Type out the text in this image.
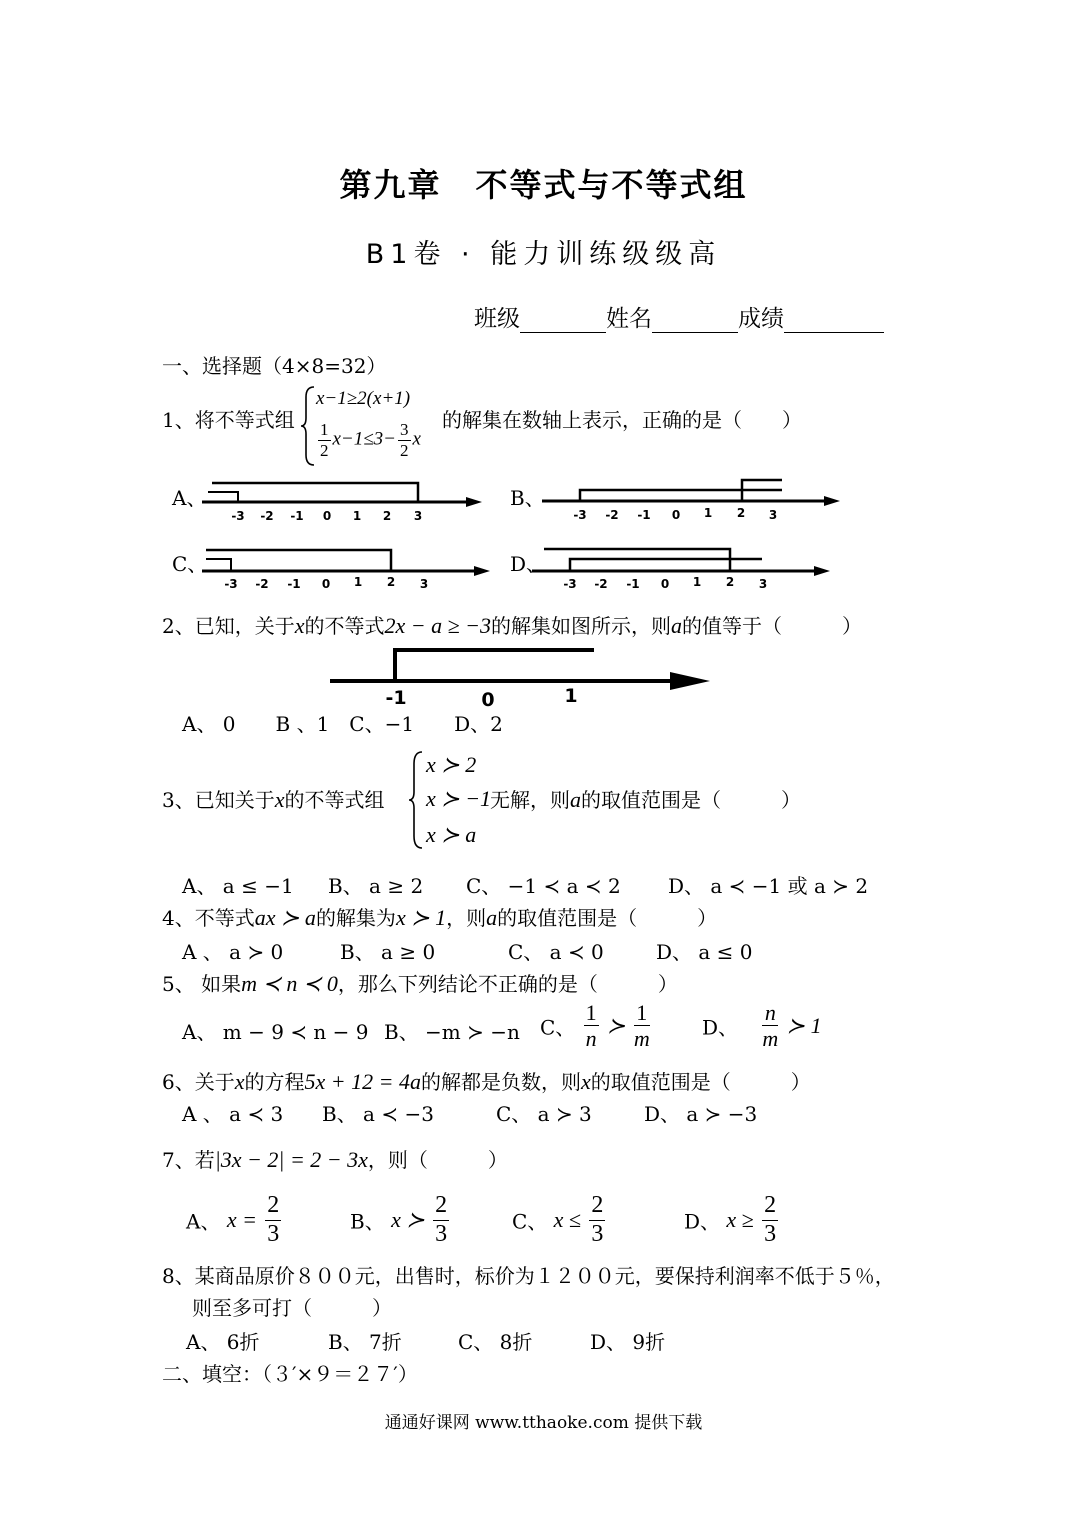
第九章　不等式与不等式组
B1卷 · 能力训练级级高
班级	姓名	成绩
一、选择题（4×8=32）
1、将不等式组
x−1≥2(x+1)
$\frac{1}{2} x-1\le 3- \frac{3}{2}$ x
的解集在数轴上表示，正确的是（　　）
A、	B、
C、	D、
-3 -2 -1 0 1 2 3	-3 -2 -1 0 1 2 3
-3 -2 -1 0 1 2 3	-3 -2 -1 0 1 2 3
2、已知，关于x的不等式2x − a ≥ −3的解集如图所示，则a的值等于（　　　）
-1	0	1
A、 0　　B 、1　C、−1　　D、2
3、已知关于x的不等式组
x ≻ 2
x ≻ −1
x ≻ a
无解，则a的取值范围是（　　　）
A、 a ≤ −1 B、 a ≥ 2 C、 −1 ≺ a ≺ 2 D、 a ≺ −1 或 a ≻ 2
4、不等式ax ≻ a的解集为x ≻ 1，则a的取值范围是（　　　）
A 、 a ≻ 0	B、 a ≥ 0	C、 a ≺ 0	D、 a ≤ 0
5、 如果m ≺ n ≺ 0，那么下列结论不正确的是（　　　）
A、 m − 9 ≺ n − 9 B、 −m ≻ −n C、 $\frac{1}{n}$ ≻ $\frac{1}{m}$	D、 $\frac{n}{m}$ ≻ 1
6、关于x的方程5x + 12 = 4a的解都是负数，则x的取值范围是（　　　）
A 、 a ≺ 3 B、 a ≺ −3	C、 a ≻ 3	D、 a ≻ −3
7、若|3x − 2| = 2 − 3x，则（　　　）
A、 $x = \frac{2}{3}$	B、 x ≻ $\frac{2}{3}$	C、 $x \le \frac{2}{3}$	D、 $x \ge \frac{2}{3}$
8、某商品原价８００元，出售时，标价为１２００元，要保持利润率不低于５％，
则至多可打（　　　）
A、 6折	B、 7折	C、 8折	D、 9折
二、填空：（３′×９＝２７′）
通通好课网 www.tthaoke.com 提供下载
